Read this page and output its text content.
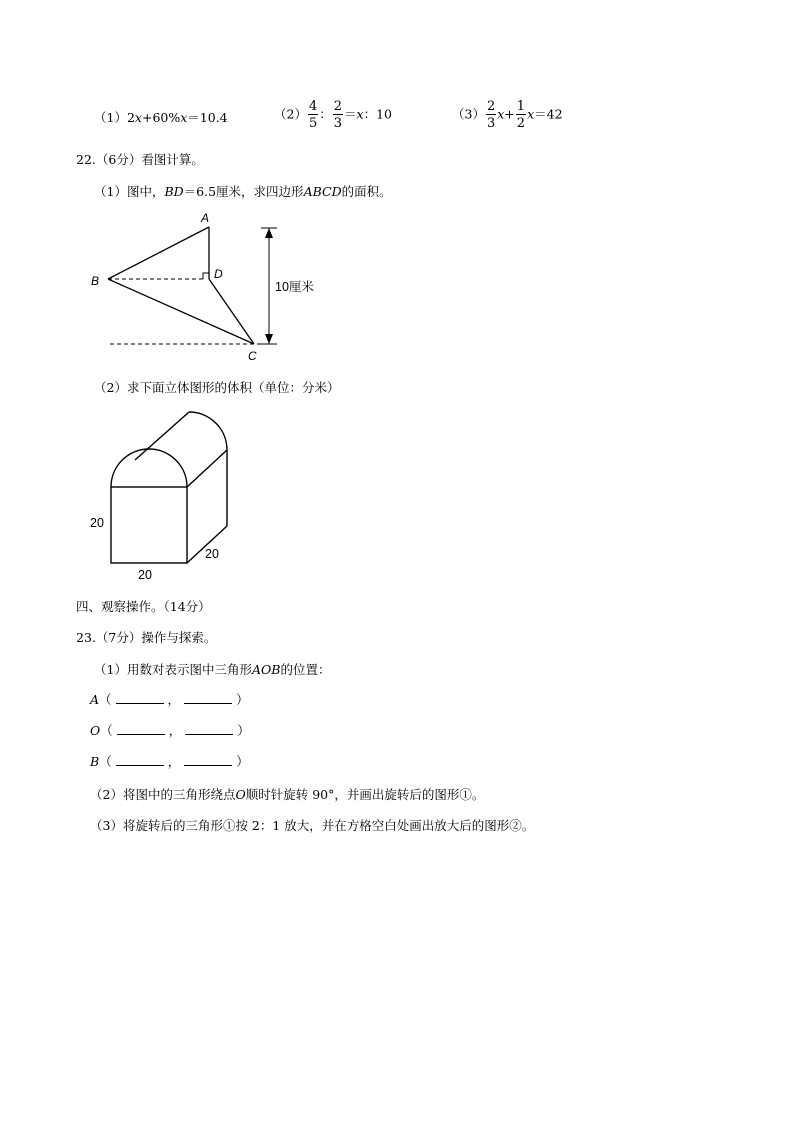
（1）2x+60%x＝10.4	$(2) \frac{4}{5}$ ： $\frac{2}{3} =x$：10	$(3) \frac{2}{3} x+ \frac{1}{2} x=42$
22.（6分）看图计算。
（1）图中，BD＝6.5厘米，求四边形ABCD的面积。
A
B	D
C
10厘米
（2）求下面立体图形的体积（单位：分米）
20
20
20
四、观察操作。（14分）
23.（7分）操作与探索。
（1）用数对表示图中三角形AOB的位置：
A（	，	）
O（	，	）
B（	，	）
（2）将图中的三角形绕点O顺时针旋转 90°，并画出旋转后的图形①。
（3）将旋转后的三角形①按 2：1 放大，并在方格空白处画出放大后的图形②。
